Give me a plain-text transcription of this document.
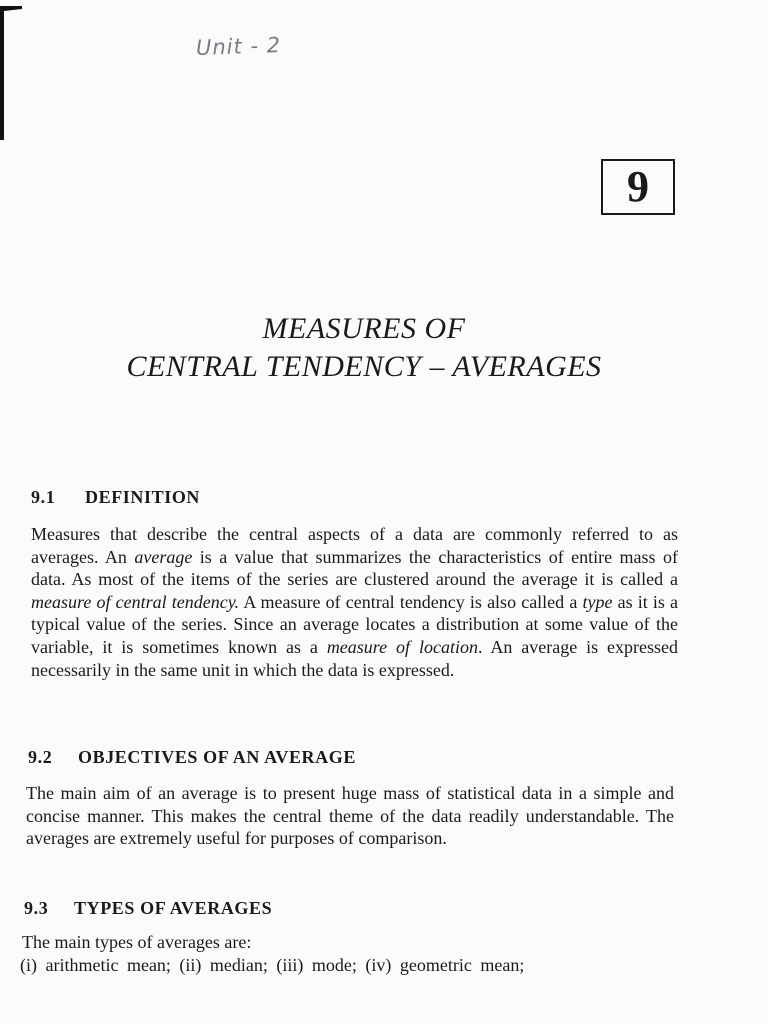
Unit - 2
9
MEASURES OF
CENTRAL TENDENCY – AVERAGES
9.1 DEFINITION

Measures that describe the central aspects of a data are commonly referred to as averages. An average is a value that summarizes the characteristics of entire mass of data. As most of the items of the series are clustered around the average it is called a measure of central tendency. A measure of central tendency is also called a type as it is a typical value of the series. Since an average locates a distribution at some value of the variable, it is sometimes known as a measure of location. An average is expressed necessarily in the same unit in which the data is expressed.

9.2 OBJECTIVES OF AN AVERAGE

The main aim of an average is to present huge mass of statistical data in a simple and concise manner. This makes the central theme of the data readily understandable. The averages are extremely useful for purposes of comparison.

9.3 TYPES OF AVERAGES

The main types of averages are:

(i) arithmetic mean; (ii) median; (iii) mode; (iv) geometric mean;
